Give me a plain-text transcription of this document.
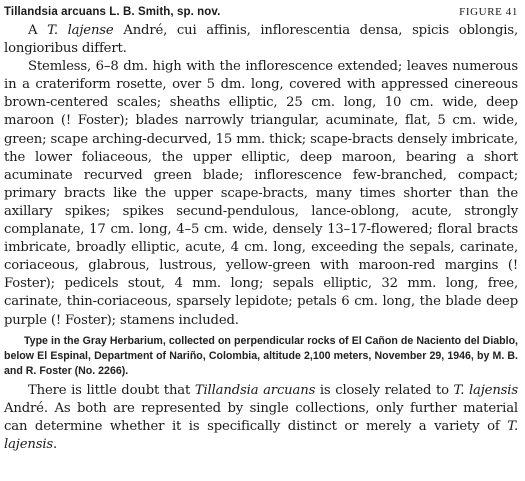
Tillandsia arcuans L. B. Smith, sp. nov.	FIGURE 41

A T. lajense André, cui affinis, inflorescentia densa, spicis oblongis, longioribus differt.

Stemless, 6–8 dm. high with the inflorescence extended; leaves numerous in a crateriform rosette, over 5 dm. long, covered with appressed cinereous brown-centered scales; sheaths elliptic, 25 cm. long, 10 cm. wide, deep maroon (! Foster); blades narrowly triangular, acuminate, flat, 5 cm. wide, green; scape arching-decurved, 15 mm. thick; scape-bracts densely imbricate, the lower foliaceous, the upper elliptic, deep maroon, bearing a short acuminate recurved green blade; inflorescence few-branched, compact; primary bracts like the upper scape-bracts, many times shorter than the axillary spikes; spikes secund-pendulous, lance-oblong, acute, strongly complanate, 17 cm. long, 4–5 cm. wide, densely 13–17-flowered; floral bracts imbricate, broadly elliptic, acute, 4 cm. long, exceeding the sepals, carinate, coriaceous, glabrous, lustrous, yellow-green with maroon-red margins (! Foster); pedicels stout, 4 mm. long; sepals elliptic, 32 mm. long, free, carinate, thin-coriaceous, sparsely lepidote; petals 6 cm. long, the blade deep purple (! Foster); stamens included.

Type in the Gray Herbarium, collected on perpendicular rocks of El Cañon de Naciento del Diablo, below El Espinal, Department of Nariño, Colombia, altitude 2,100 meters, November 29, 1946, by M. B. and R. Foster (No. 2266).

There is little doubt that Tillandsia arcuans is closely related to T. lajensis André. As both are represented by single collections, only further material can determine whether it is specifically distinct or merely a variety of T. lajensis.
